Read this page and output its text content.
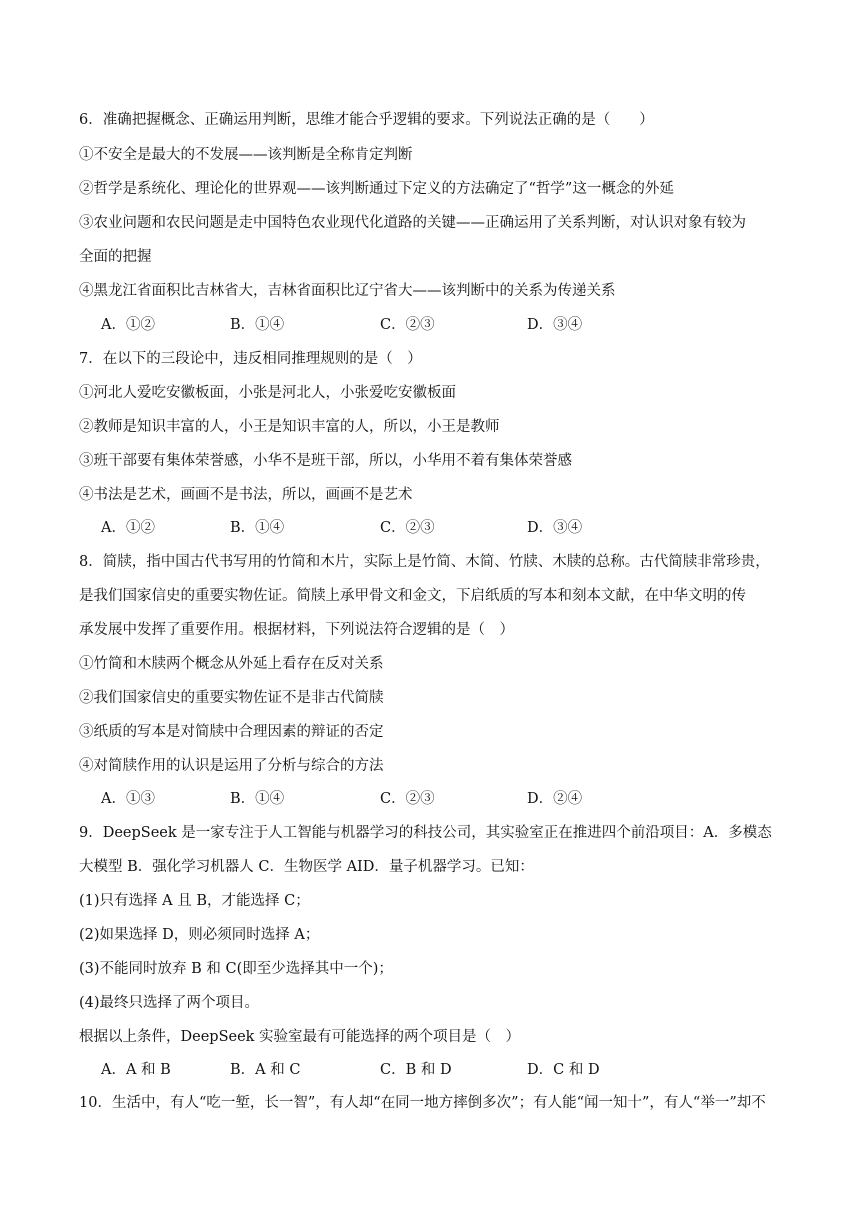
6．准确把握概念、正确运用判断，思维才能合乎逻辑的要求。下列说法正确的是（　　）
①不安全是最大的不发展——该判断是全称肯定判断
②哲学是系统化、理论化的世界观——该判断通过下定义的方法确定了“哲学”这一概念的外延
③农业问题和农民问题是走中国特色农业现代化道路的关键——正确运用了关系判断，对认识对象有较为
全面的把握
④黑龙江省面积比吉林省大，吉林省面积比辽宁省大——该判断中的关系为传递关系
A．①②	B．①④	C．②③	D．③④
7．在以下的三段论中，违反相同推理规则的是（　）
①河北人爱吃安徽板面，小张是河北人，小张爱吃安徽板面
②教师是知识丰富的人，小王是知识丰富的人，所以，小王是教师
③班干部要有集体荣誉感，小华不是班干部，所以，小华用不着有集体荣誉感
④书法是艺术，画画不是书法，所以，画画不是艺术
A．①②	B．①④	C．②③	D．③④
8．简牍，指中国古代书写用的竹简和木片，实际上是竹简、木简、竹牍、木牍的总称。古代简牍非常珍贵，
是我们国家信史的重要实物佐证。简牍上承甲骨文和金文，下启纸质的写本和刻本文献，在中华文明的传
承发展中发挥了重要作用。根据材料，下列说法符合逻辑的是（　）
①竹简和木牍两个概念从外延上看存在反对关系
②我们国家信史的重要实物佐证不是非古代简牍
③纸质的写本是对简牍中合理因素的辩证的否定
④对简牍作用的认识是运用了分析与综合的方法
A．①③	B．①④	C．②③	D．②④
9．DeepSeek 是一家专注于人工智能与机器学习的科技公司，其实验室正在推进四个前沿项目：A．多模态
大模型 B．强化学习机器人 C．生物医学 AID．量子机器学习。已知：
(1)只有选择 A 且 B，才能选择 C；
(2)如果选择 D，则必须同时选择 A；
(3)不能同时放弃 B 和 C(即至少选择其中一个)；
(4)最终只选择了两个项目。
根据以上条件，DeepSeek 实验室最有可能选择的两个项目是（　）
A．A 和 B	B．A 和 C	C．B 和 D	D．C 和 D
10．生活中，有人“吃一堑，长一智”，有人却“在同一地方摔倒多次”；有人能“闻一知十”，有人“举一”却不
